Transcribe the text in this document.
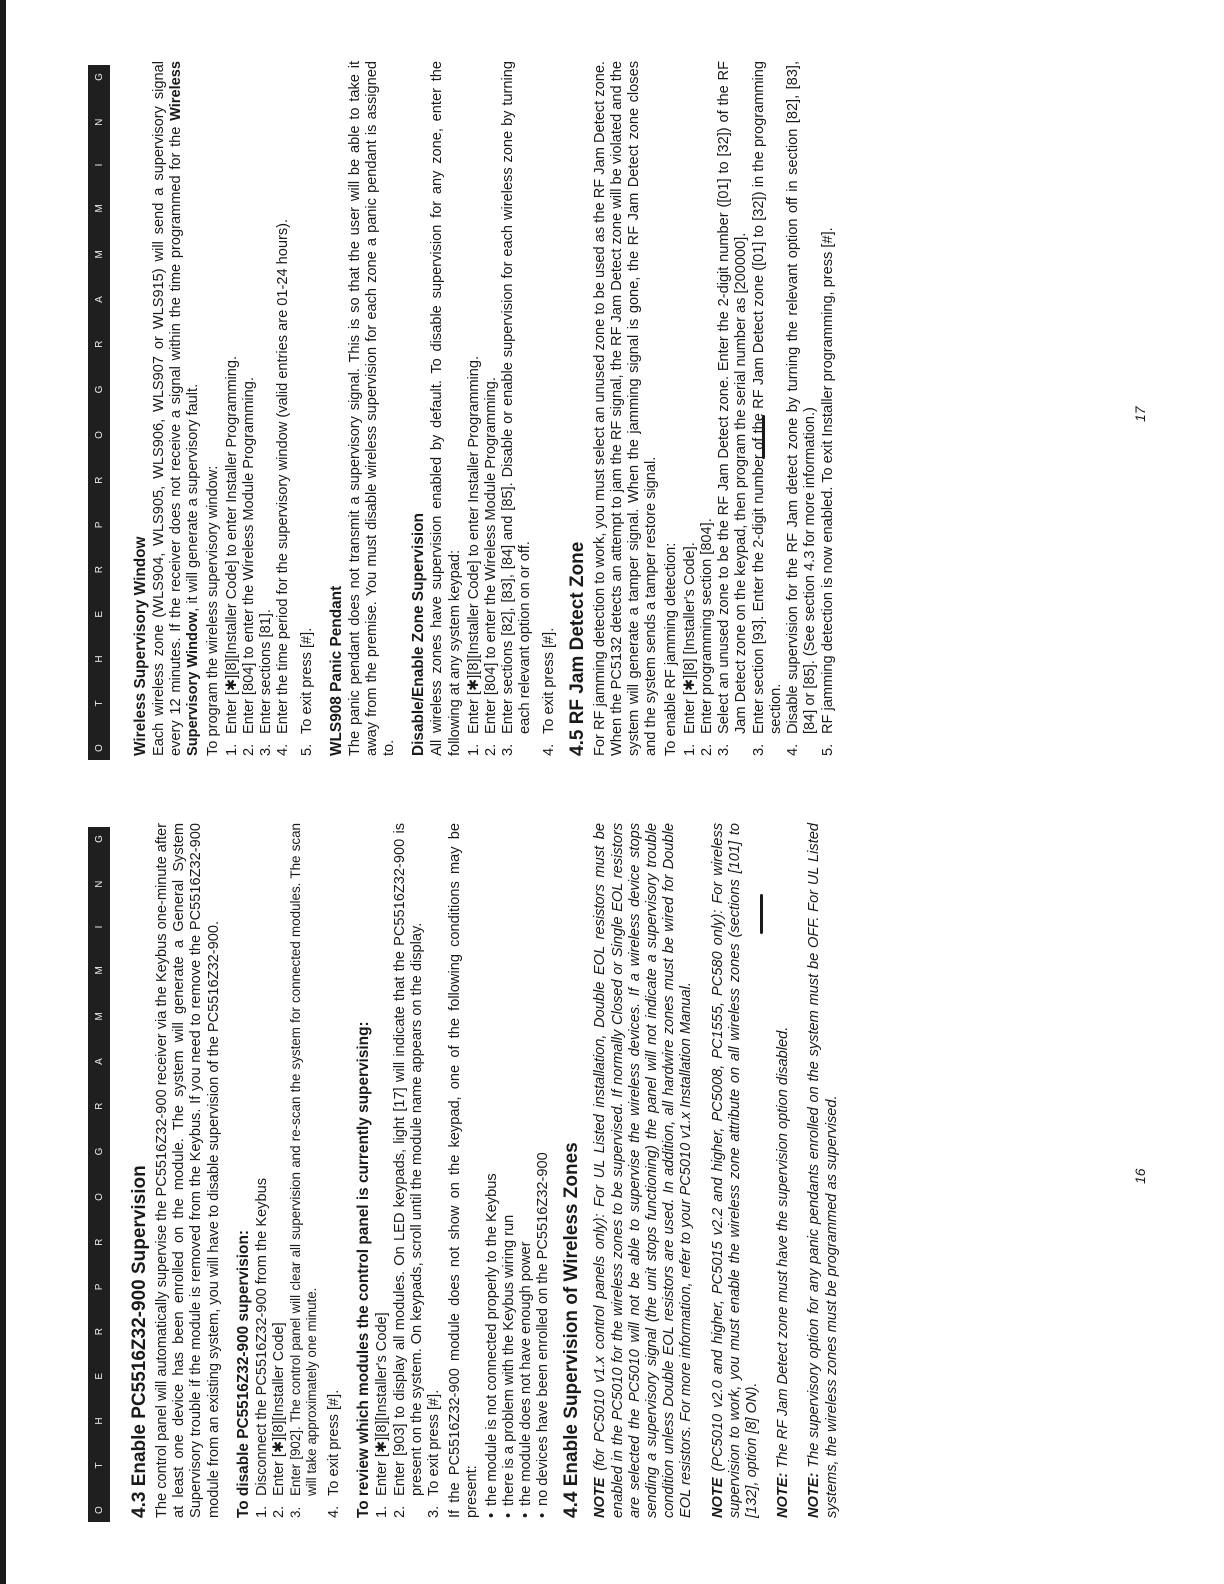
O
T
H
E
R
P
R
O
G
R
A
M
M
I
N
G
4.3 Enable PC5516Z32-900 Supervision The control panel will automatically supervise the PC5516Z32-900 receiver via the Keybus one-minute after at least one device has been enrolled on the module. The system will generate a General System Supervisory trouble if the module is removed from the Keybus. If you need to remove the PC5516Z32-900 module from an existing system, you will have to disable supervision of the PC5516Z32-900. To disable PC5516Z32-900 supervision: 1.
Disconnect the PC5516Z32-900 from the Keybus
2.
Enter [✱][8][Installer Code]
3.
Enter [902]. The control panel will clear all supervision and re-scan the system for connected modules. The scan will take approximately one minute.
4.
To exit press [#]. To review which modules the control panel is currently supervising: 1.
Enter [✱][8][Installer's Code]
2.
Enter [903] to display all modules. On LED keypads, light [17] will indicate that the PC5516Z32-900 is present on the system. On keypads, scroll until the module name appears on the display.
3.
To exit press [#]. If the PC5516Z32-900 module does not show on the keypad, one of the following conditions may be present: • the module is not connected properly to the Keybus • there is a problem with the Keybus wiring run • the module does not have enough power • no devices have been enrolled on the PC5516Z32-900 4.4 Enable Supervision of Wireless Zones NOTE (for PC5010 v1.x control panels only): For UL Listed installation, Double EOL resistors must be enabled in the PC5010 for the wireless zones to be supervised. If normally Closed or Single EOL resistors are selected the PC5010 will not be able to supervise the wireless devices. If a wireless device stops sending a supervisory signal (the unit stops functioning) the panel will not indicate a supervisory trouble condition unless Double EOL resistors are used. In addition, all hardwire zones must be wired for Double EOL resistors. For more information, refer to your PC5010 v1.x Installation Manual. NOTE (PC5010 v2.0 and higher, PC5015 v2.2 and higher, PC5008, PC1555, PC580 only): For wireless supervision to work, you must enable the wireless zone attribute on all wireless zones (sections [101] to [132], option [8] ON). NOTE: The RF Jam Detect zone must have the supervision option disabled.

NOTE: The supervisory option for any panic pendants enrolled on the system must be OFF. For UL Listed systems, the wireless zones must be programmed as supervised.	16
O
T
H
E
R
P
R
O
G
R
A
M
M
I
N
G
Wireless Supervisory Window Each wireless zone (WLS904, WLS905, WLS906, WLS907 or WLS915) will send a supervisory signal every 12 minutes. If the receiver does not receive a signal within the time programmed for the Wireless Supervisory Window, it will generate a supervisory fault. To program the wireless supervisory window: 1.
Enter [✱][8][Installer Code] to enter Installer Programming.
2.
Enter [804] to enter the Wireless Module Programming.
3.
Enter sections [81].
4.
Enter the time period for the supervisory window (valid entries are 01-24 hours).
5.
To exit press [#]. WLS908 Panic Pendant The panic pendant does not transmit a supervisory signal. This is so that the user will be able to take it away from the premise. You must disable wireless supervision for each zone a panic pendant is assigned to. Disable/Enable Zone Supervision All wireless zones have supervision enabled by default. To disable supervision for any zone, enter the following at any system keypad: 1.
Enter [✱][8][Installer Code] to enter Installer Programming.
2.
Enter [804] to enter the Wireless Module Programming.
3.
Enter sections [82], [83], [84] and [85]. Disable or enable supervision for each wireless zone by turning each relevant option on or off.
4.
To exit press [#]. 4.5 RF Jam Detect Zone For RF jamming detection to work, you must select an unused zone to be used as the RF Jam Detect zone. When the PC5132 detects an attempt to jam the RF signal, the RF Jam Detect zone will be violated and the system will generate a tamper signal. When the jamming signal is gone, the RF Jam Detect zone closes and the system sends a tamper restore signal. To enable RF jamming detection: 1.
Enter [✱][8] [Installer's Code].
2.
Enter programming section [804].
3.
Select an unused zone to be the RF Jam Detect zone. Enter the 2-digit number ([01] to [32]) of the RF Jam Detect zone on the keypad, then program the serial number as [200000].
3.
Enter section [93]. Enter the 2-digit number of the RF Jam Detect zone ([01] to [32]) in the programming section.
4.
Disable supervision for the RF Jam detect zone by turning the relevant option off in section [82], [83], [84] or [85]. (See section 4.3 for more information.)
5.
RF jamming detection is now enabled. To exit Installer programming, press [#].	17
